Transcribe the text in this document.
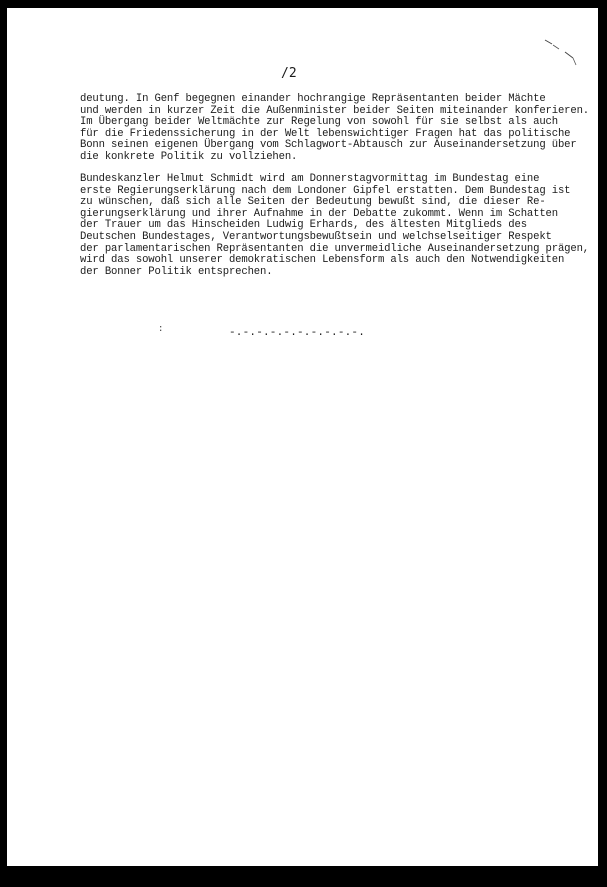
/2

deutung. In Genf begegnen einander hochrangige Repräsentanten beider Mächte
und werden in kurzer Zeit die Außenminister beider Seiten miteinander konferieren.
Im Übergang beider Weltmächte zur Regelung von sowohl für sie selbst als auch
für die Friedenssicherung in der Welt lebenswichtiger Fragen hat das politische
Bonn seinen eigenen Übergang vom Schlagwort-Abtausch zur Auseinandersetzung über
die konkrete Politik zu vollziehen.

Bundeskanzler Helmut Schmidt wird am Donnerstagvormittag im Bundestag eine
erste Regierungserklärung nach dem Londoner Gipfel erstatten. Dem Bundestag ist
zu wünschen, daß sich alle Seiten der Bedeutung bewußt sind, die dieser Re-
gierungserklärung und ihrer Aufnahme in der Debatte zukommt. Wenn im Schatten
der Trauer um das Hinscheiden Ludwig Erhards, des ältesten Mitglieds des
Deutschen Bundestages, Verantwortungsbewußtsein und welchselseitiger Respekt
der parlamentarischen Repräsentanten die unvermeidliche Auseinandersetzung prägen,
wird das sowohl unserer demokratischen Lebensform als auch den Notwendigkeiten
der Bonner Politik entsprechen.

:	-.-.-.-.-.-.-.-.-.-.
